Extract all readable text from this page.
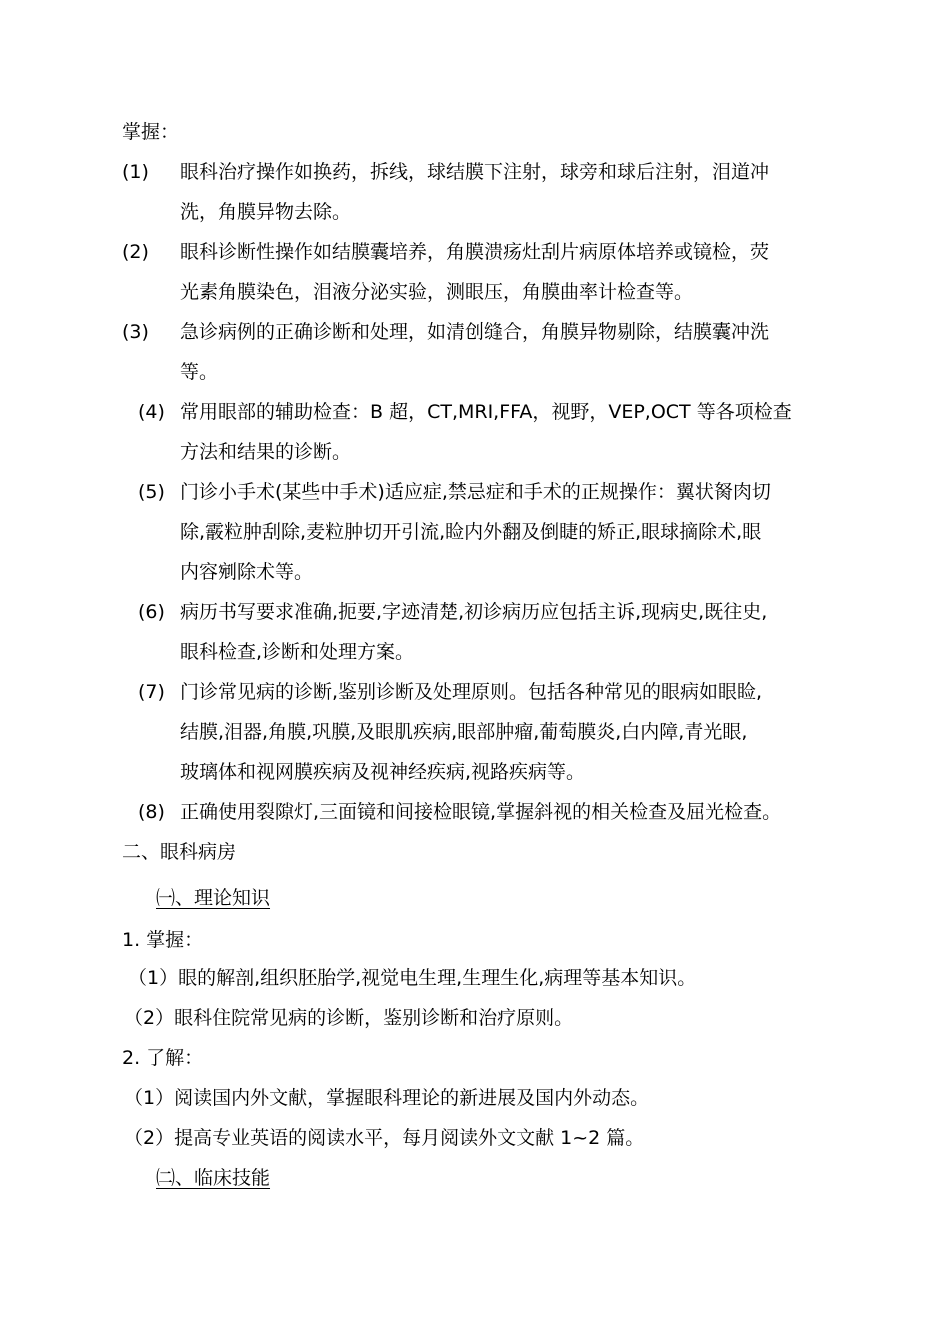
掌握：
(1) 眼科治疗操作如换药，拆线，球结膜下注射，球旁和球后注射，泪道冲
洗，角膜异物去除。
(2) 眼科诊断性操作如结膜囊培养，角膜溃疡灶刮片病原体培养或镜检，荧
光素角膜染色，泪液分泌实验，测眼压，角膜曲率计检查等。
(3) 急诊病例的正确诊断和处理，如清创缝合，角膜异物剔除，结膜囊冲洗
等。
(4) 常用眼部的辅助检查：B 超，CT,MRI,FFA，视野，VEP,OCT 等各项检查
方法和结果的诊断。
(5) 门诊小手术(某些中手术)适应症,禁忌症和手术的正规操作：翼状胬肉切
除,霰粒肿刮除,麦粒肿切开引流,睑内外翻及倒睫的矫正,眼球摘除术,眼
内容剜除术等。
(6) 病历书写要求准确,扼要,字迹清楚,初诊病历应包括主诉,现病史,既往史,
眼科检查,诊断和处理方案。
(7) 门诊常见病的诊断,鉴别诊断及处理原则。包括各种常见的眼病如眼睑,
结膜,泪器,角膜,巩膜,及眼肌疾病,眼部肿瘤,葡萄膜炎,白内障,青光眼,
玻璃体和视网膜疾病及视神经疾病,视路疾病等。
(8) 正确使用裂隙灯,三面镜和间接检眼镜,掌握斜视的相关检查及屈光检查。
二、眼科病房
㈠、理论知识
1. 掌握：
（1）眼的解剖,组织胚胎学,视觉电生理,生理生化,病理等基本知识。
（2）眼科住院常见病的诊断，鉴别诊断和治疗原则。
2. 了解：
（1）阅读国内外文献，掌握眼科理论的新进展及国内外动态。
（2）提高专业英语的阅读水平，每月阅读外文文献 1~2 篇。
㈡、临床技能
